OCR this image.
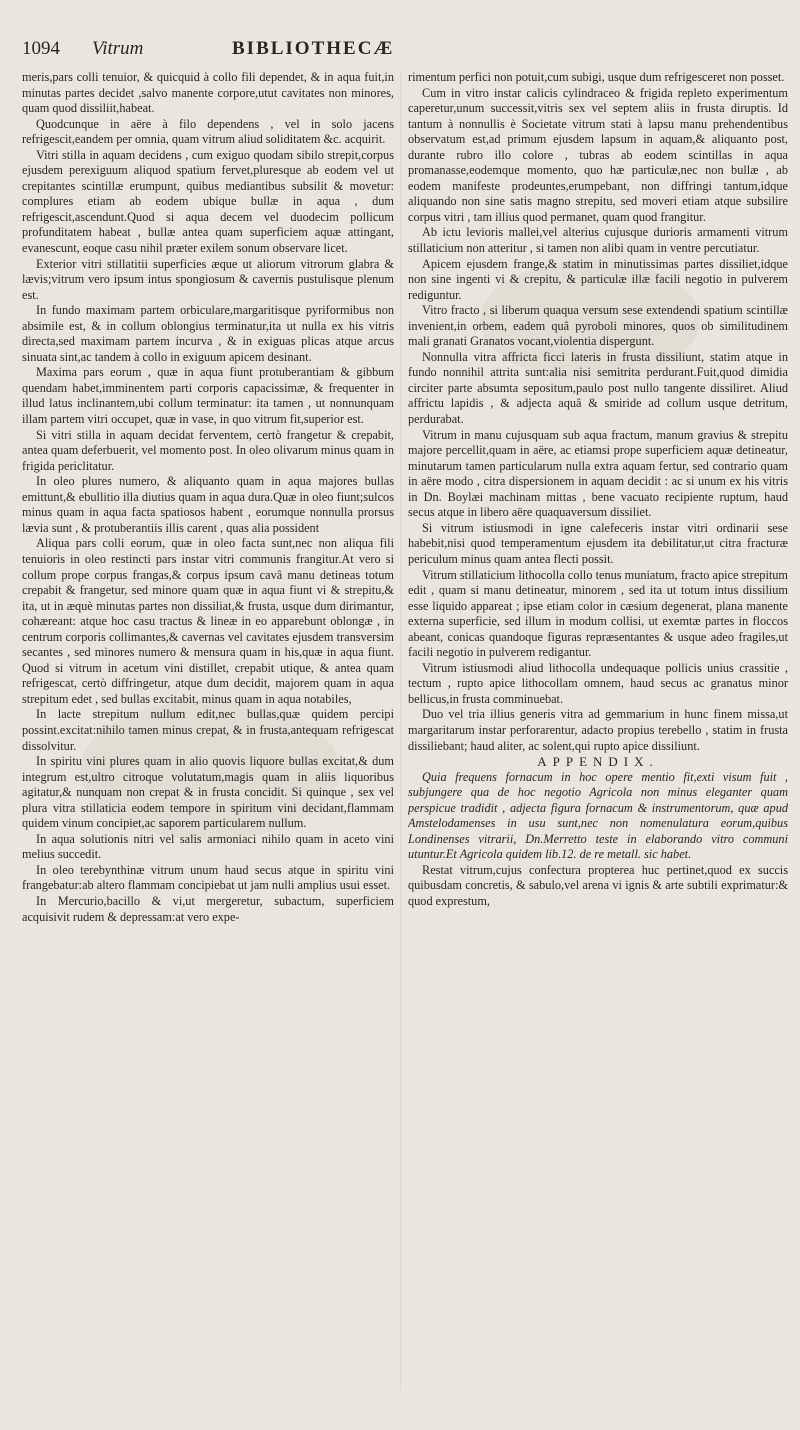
1094	Vitrum	BIBLIOTHECÆ

meris,pars colli tenuior, & quicquid à collo fili dependet, & in aqua fuit,in minutas partes decidet ,salvo manente corpore,utut cavitates non minores, quam quod dissiliit,habeat.

Quodcunque in aëre à filo dependens , vel in solo jacens refrigescit,eandem per omnia, quam vitrum aliud soliditatem &c. acquirit.

Vitri stilla in aquam decidens , cum exiguo quodam sibilo strepit,corpus ejusdem perexiguum aliquod spatium fervet,pluresque ab eodem vel ut crepitantes scintillæ erumpunt, quibus mediantibus subsilit & movetur: complures etiam ab eodem ubique bullæ in aqua , dum refrigescit,ascendunt.Quod si aqua decem vel duodecim pollicum profunditatem habeat , bullæ antea quam superficiem aquæ attingant, evanescunt, eoque casu nihil præter exilem sonum observare licet.

Exterior vitri stillatitii superficies æque ut aliorum vitrorum glabra & lævis;vitrum vero ipsum intus spongiosum & cavernis pustulisque plenum est.

In fundo maximam partem orbiculare,margaritisque pyriformibus non absimile est, & in collum oblongius terminatur,ita ut nulla ex his vitris directa,sed maximam partem incurva , & in exiguas plicas atque arcus sinuata sint,ac tandem à collo in exiguum apicem desinant.

Maxima pars eorum , quæ in aqua fiunt protuberantiam & gibbum quendam habet,imminentem parti corporis capacissimæ, & frequenter in illud latus inclinantem,ubi collum terminatur: ita tamen , ut nonnunquam illam partem vitri occupet, quæ in vase, in quo vitrum fit,superior est.

Si vitri stilla in aquam decidat ferventem, certò frangetur & crepabit, antea quam deferbuerit, vel momento post. In oleo olivarum minus quam in frigida periclitatur.

In oleo plures numero, & aliquanto quam in aqua majores bullas emittunt,& ebullitio illa diutius quam in aqua dura.Quæ in oleo fiunt;sulcos minus quam in aqua facta spatiosos habent , eorumque nonnulla prorsus lævia sunt , & protuberantiis illis carent , quas alia possident

Aliqua pars colli eorum, quæ in oleo facta sunt,nec non aliqua fili tenuioris in oleo restincti pars instar vitri communis frangitur.At vero si collum prope corpus frangas,& corpus ipsum cavâ manu detineas totum crepabit & frangetur, sed minore quam quæ in aqua fiunt vi & strepitu,& ita, ut in æquè minutas partes non dissiliat,& frusta, usque dum dirimantur, cohæreant: atque hoc casu tractus & lineæ in eo apparebunt oblongæ , in centrum corporis collimantes,& cavernas vel cavitates ejusdem transversim secantes , sed minores numero & mensura quam in his,quæ in aqua fiunt. Quod si vitrum in acetum vini distillet, crepabit utique, & antea quam refrigescat, certò diffringetur, atque dum decidit, majorem quam in aqua strepitum edet , sed bullas excitabit, minus quam in aqua notabiles,

In lacte strepitum nullum edit,nec bullas,quæ quidem percipi possint.excitat:nihilo tamen minus crepat, & in frusta,antequam refrigescat dissolvitur.

In spiritu vini plures quam in alio quovis liquore bullas excitat,& dum integrum est,ultro citroque volutatum,magis quam in aliis liquoribus agitatur,& nunquam non crepat & in frusta concidit. Si quinque , sex vel plura vitra stillaticia eodem tempore in spiritum vini decidant,flammam quidem vinum concipiet,ac saporem particularem nullum.

In aqua solutionis nitri vel salis armoniaci nihilo quam in aceto vini melius succedit.

In oleo terebynthinæ vitrum unum haud secus atque in spiritu vini frangebatur:ab altero flammam concipiebat ut jam nulli amplius usui esset.

In Mercurio,bacillo & vi,ut mergeretur, subactum, superficiem acquisivit rudem & depressam:at vero expe-

rimentum perfici non potuit,cum subigi, usque dum refrigesceret non posset.

Cum in vitro instar calicis cylindraceo & frigida repleto experimentum caperetur,unum successit,vitris sex vel septem aliis in frusta diruptis. Id tantum à nonnullis è Societate vitrum stati à lapsu manu prehendentibus observatum est,ad primum ejusdem lapsum in aquam,& aliquanto post, durante rubro illo colore , tubras ab eodem scintillas in aqua promanasse,eodemque momento, quo hæ particulæ,nec non bullæ , ab eodem manifeste prodeuntes,erumpebant, non diffringi tantum,idque aliquando non sine satis magno strepitu, sed moveri etiam atque subsilire corpus vitri , tam illius quod permanet, quam quod frangitur.

Ab ictu levioris mallei,vel alterius cujusque durioris armamenti vitrum stillaticium non atteritur , si tamen non alibi quam in ventre percutiatur.

Apicem ejusdem frange,& statim in minutissimas partes dissiliet,idque non sine ingenti vi & crepitu, & particulæ illæ facili negotio in pulverem rediguntur.

Vitro fracto , si liberum quaqua versum sese extendendi spatium scintillæ invenient,in orbem, eadem quâ pyroboli minores, quos ob similitudinem mali granati Granatos vocant,violentia dispergunt.

Nonnulla vitra affricta ficci lateris in frusta dissiliunt, statim atque in fundo nonnihil attrita sunt:alia nisi semitrita perdurant.Fuit,quod dimidia circiter parte absumta sepositum,paulo post nullo tangente dissiliret. Aliud affrictu lapidis , & adjecta aquâ & smiride ad collum usque detritum, perdurabat.

Vitrum in manu cujusquam sub aqua fractum, manum gravius & strepitu majore percellit,quam in aëre, ac etiamsi prope superficiem aquæ detineatur, minutarum tamen particularum nulla extra aquam fertur, sed contrario quam in aëre modo , citra dispersionem in aquam decidit : ac si unum ex his vitris in Dn. Boylæi machinam mittas , bene vacuato recipiente ruptum, haud secus atque in libero aëre quaquaversum dissiliet.

Si vitrum istiusmodi in igne calefeceris instar vitri ordinarii sese habebit,nisi quod temperamentum ejusdem ita debilitatur,ut citra fracturæ periculum minus quam antea flecti possit.

Vitrum stillaticium lithocolla collo tenus muniatum, fracto apice strepitum edit , quam si manu detineatur, minorem , sed ita ut totum intus dissilium esse liquido appareat ; ipse etiam color in cæsium degenerat, plana manente externa superficie, sed illum in modum collisi, ut exemtæ partes in floccos abeant, conicas quandoque figuras repræsentantes & usque adeo fragiles,ut facili negotio in pulverem redigantur.

Vitrum istiusmodi aliud lithocolla undequaque pollicis unius crassitie , tectum , rupto apice lithocollam omnem, haud secus ac granatus minor bellicus,in frusta comminuebat.

Duo vel tria illius generis vitra ad gemmarium in hunc finem missa,ut margaritarum instar perforarentur, adacto propius terebello , statim in frusta dissiliebant; haud aliter, ac solent,qui rupto apice dissiliunt.

APPENDIX.

Quia frequens fornacum in hoc opere mentio fit,exti visum fuit , subjungere qua de hoc negotio Agricola non minus eleganter quam perspicue tradidit , adjecta figura fornacum & instrumentorum, quæ apud Amstelodamenses in usu sunt,nec non nomenulatura eorum,quibus Londinenses vitrarii, Dn.Merretto teste in elaborando vitro communi utuntur.Et Agricola quidem lib.12. de re metall. sic habet.

Restat vitrum,cujus confectura propterea huc pertinet,quod ex succis quibusdam concretis, & sabulo,vel arena vi ignis & arte subtili exprimatur:& quod exprestum,
